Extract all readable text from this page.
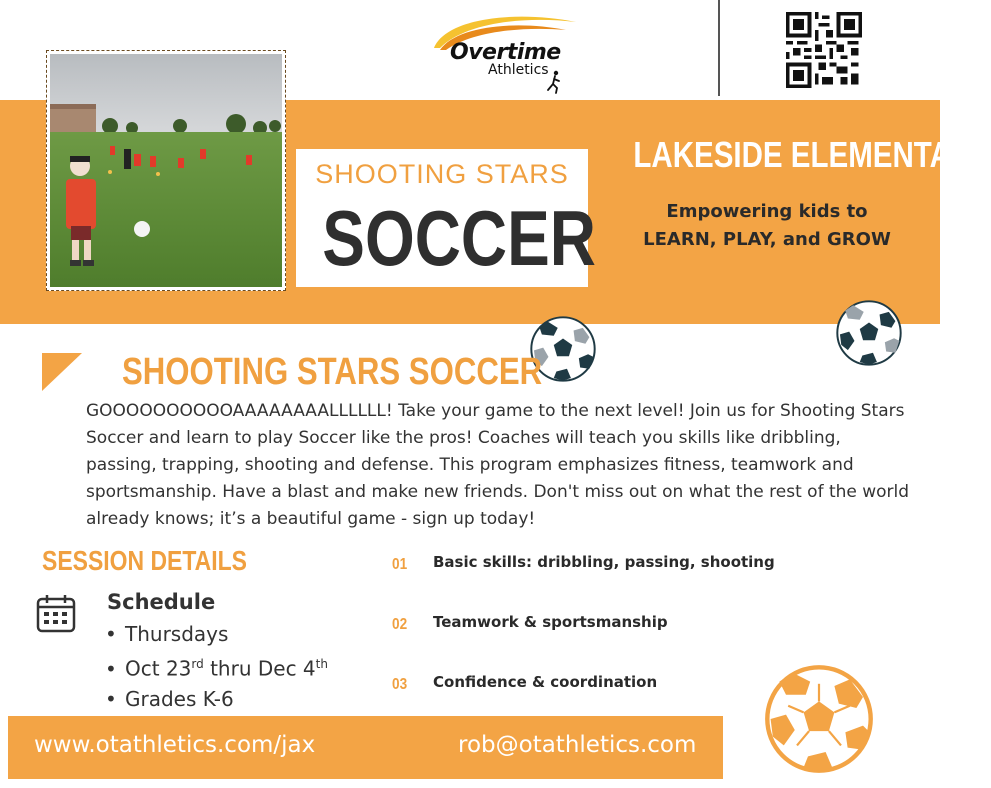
Overtime
Athletics
SHOOTING STARS
SOCCER
LAKESIDE ELEMENTARY
Empowering kids to
LEARN, PLAY, and GROW
SHOOTING STARS SOCCER
GOOOOOOOOOOAAAAAAAALLLLLL! Take your game to the next level! Join us for Shooting Stars Soccer and learn to play Soccer like the pros! Coaches will teach you skills like dribbling, passing, trapping, shooting and defense. This program emphasizes fitness, teamwork and sportsmanship. Have a blast and make new friends. Don't miss out on what the rest of the world already knows; it’s a beautiful game - sign up today!
SESSION DETAILS
Schedule
• Thursdays
• Oct 23rd thru Dec 4th
• Grades K-6
01 Basic skills: dribbling, passing, shooting
02 Teamwork & sportsmanship
03 Confidence & coordination
www.otathletics.com/jax	rob@otathletics.com
